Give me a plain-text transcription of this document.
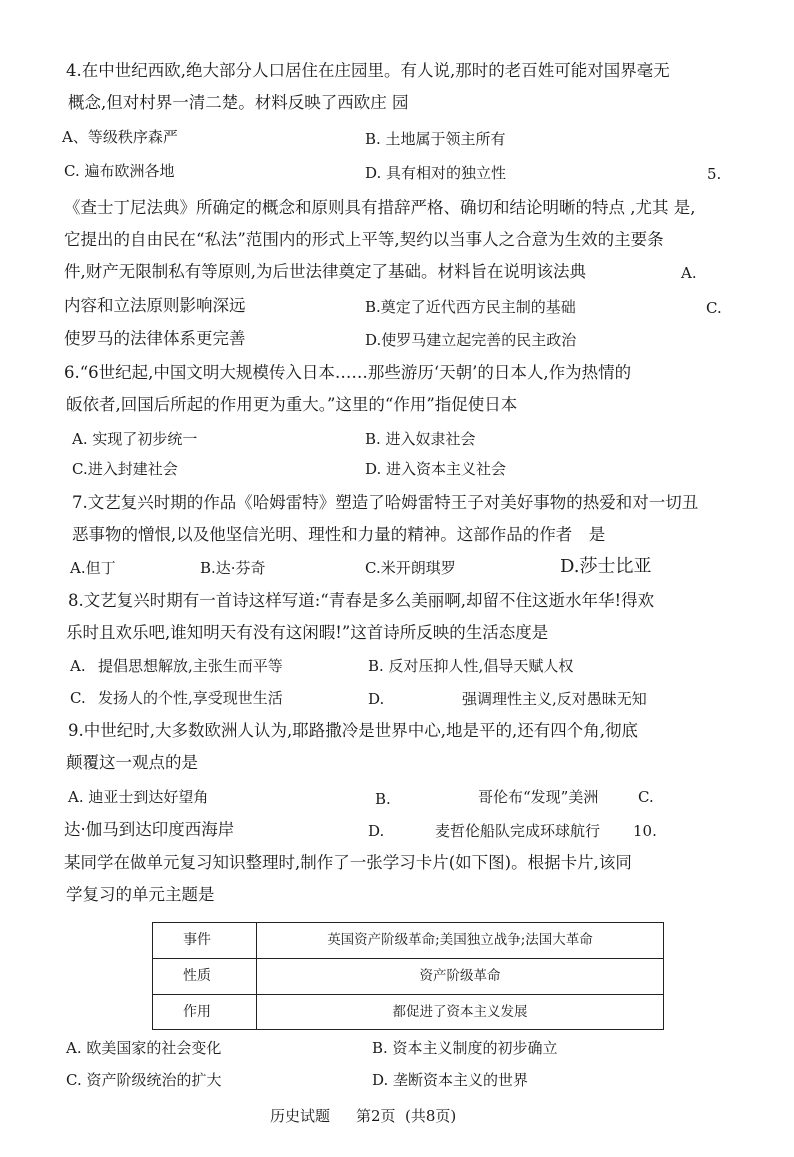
4.在中世纪西欧,绝大部分人口居住在庄园里。有人说,那时的老百姓可能对国界毫无
概念,但对村界一清二楚。材料反映了西欧庄 园
A、等级秩序森严	B. 土地属于领主所有
C. 遍布欧洲各地	D. 具有相对的独立性	5.
《查士丁尼法典》所确定的概念和原则具有措辞严格、确切和结论明晰的特点 ,尤其 是,
它提出的自由民在“私法”范围内的形式上平等,契约以当事人之合意为生效的主要条
件,财产无限制私有等原则,为后世法律奠定了基础。材料旨在说明该法典	A.
内容和立法原则影响深远	B.奠定了近代西方民主制的基础	C.
使罗马的法律体系更完善	D.使罗马建立起完善的民主政治
6.“6世纪起,中国文明大规模传入日本……那些游历‘天朝’的日本人,作为热情的
皈依者,回国后所起的作用更为重大。”这里的“作用”指促使日本
A. 实现了初步统一	B. 进入奴隶社会
C.进入封建社会	D. 进入资本主义社会
7.文艺复兴时期的作品《哈姆雷特》塑造了哈姆雷特王子对美好事物的热爱和对一切丑
恶事物的憎恨,以及他坚信光明、理性和力量的精神。这部作品的作者　是
A.但丁	B.达·芬奇	C.米开朗琪罗	D.莎士比亚
8.文艺复兴时期有一首诗这样写道:“青春是多么美丽啊,却留不住这逝水年华!得欢
乐时且欢乐吧,谁知明天有没有这闲暇!”这首诗所反映的生活态度是
A. 提倡思想解放,主张生而平等	B. 反对压抑人性,倡导天赋人权
C. 发扬人的个性,享受现世生活	D.	强调理性主义,反对愚昧无知
9.中世纪时,大多数欧洲人认为,耶路撒冷是世界中心,地是平的,还有四个角,彻底
颠覆这一观点的是
A. 迪亚士到达好望角	B.	哥伦布“发现”美洲	C.
达·伽马到达印度西海岸	D.	麦哲伦船队完成环球航行 10.
某同学在做单元复习知识整理时,制作了一张学习卡片(如下图)。根据卡片,该同
学复习的单元主题是
事件	英国资产阶级革命;美国独立战争;法国大革命
性质	资产阶级革命
作用	都促进了资本主义发展
A. 欧美国家的社会变化	B. 资本主义制度的初步确立
C. 资产阶级统治的扩大	D. 垄断资本主义的世界
历史试题 第2页 (共8页)
